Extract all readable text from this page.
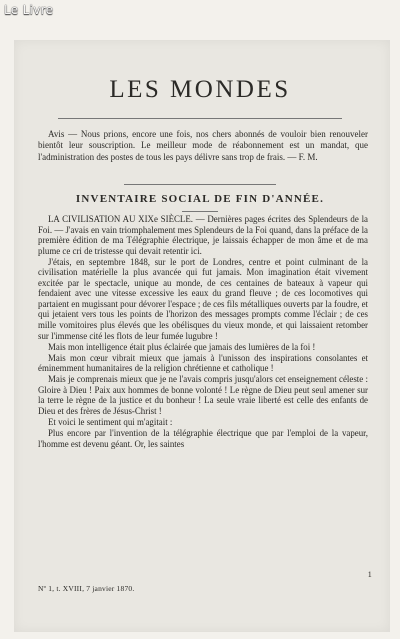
Le Livre
LES MONDES

Avis — Nous prions, encore une fois, nos chers abonnés de vouloir bien renouveler bientôt leur souscription. Le meilleur mode de réabonnement est un mandat, que l'administration des postes de tous les pays délivre sans trop de frais. — F. M.

INVENTAIRE SOCIAL DE FIN D'ANNÉE.

LA CIVILISATION AU XIXe SIÈCLE. — Dernières pages écrites des Splendeurs de la Foi. — J'avais en vain triomphalement mes Splendeurs de la Foi quand, dans la préface de la première édition de ma Télégraphie électrique, je laissais échapper de mon âme et de ma plume ce cri de tristesse qui devait retentir ici.

J'étais, en septembre 1848, sur le port de Londres, centre et point culminant de la civilisation matérielle la plus avancée qui fut jamais. Mon imagination était vivement excitée par le spectacle, unique au monde, de ces centaines de bateaux à vapeur qui fendaient avec une vitesse excessive les eaux du grand fleuve ; de ces locomotives qui partaient en mugissant pour dévorer l'espace ; de ces fils métalliques ouverts par la foudre, et qui jetaient vers tous les points de l'horizon des messages prompts comme l'éclair ; de ces mille vomitoires plus élevés que les obélisques du vieux monde, et qui laissaient retomber sur l'immense cité les flots de leur fumée lugubre !

Mais mon intelligence était plus éclairée que jamais des lumières de la foi !

Mais mon cœur vibrait mieux que jamais à l'unisson des inspirations consolantes et éminemment humanitaires de la religion chrétienne et catholique !

Mais je comprenais mieux que je ne l'avais compris jusqu'alors cet enseignement céleste : Gloire à Dieu ! Paix aux hommes de bonne volonté ! Le règne de Dieu peut seul amener sur la terre le règne de la justice et du bonheur ! La seule vraie liberté est celle des enfants de Dieu et des frères de Jésus-Christ !

Et voici le sentiment qui m'agitait :

Plus encore par l'invention de la télégraphie électrique que par l'emploi de la vapeur, l'homme est devenu géant. Or, les saintes

Nº 1, t. XVIII, 7 janvier 1870.
1
